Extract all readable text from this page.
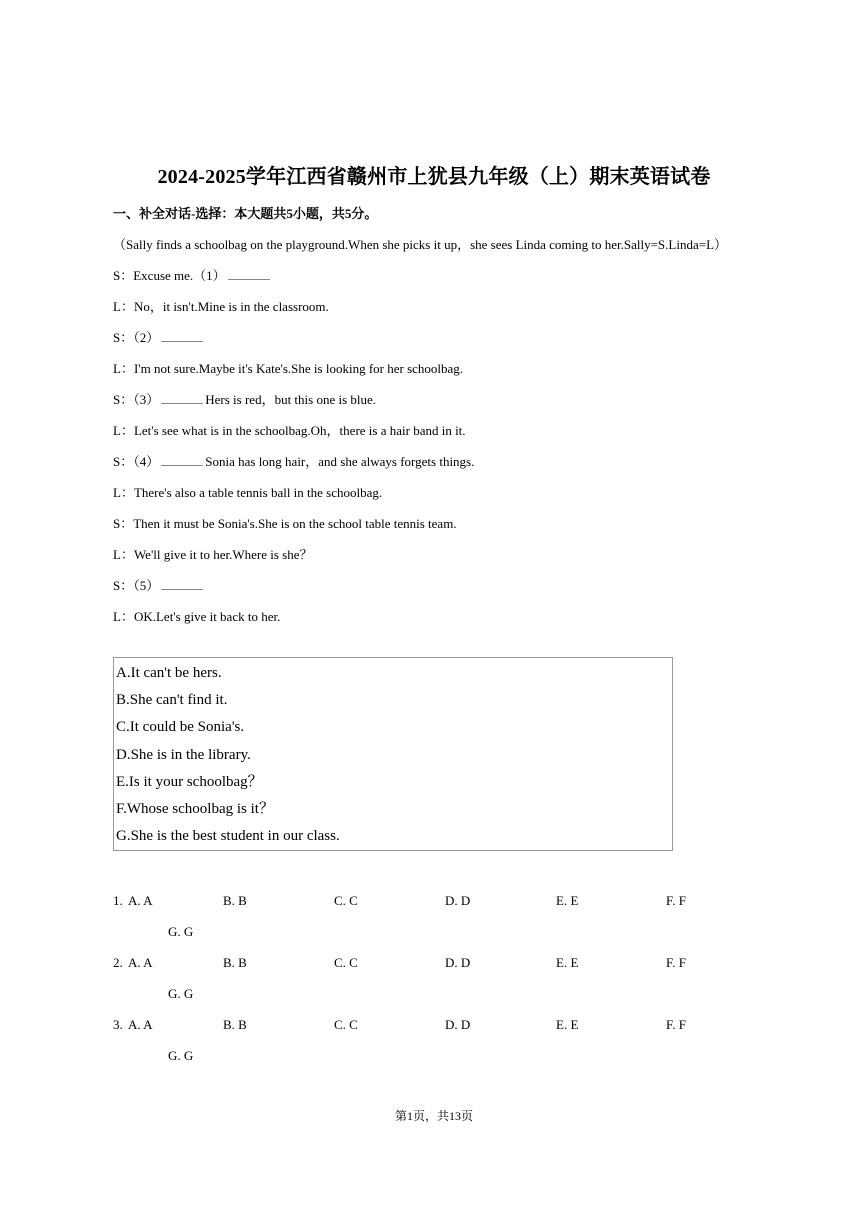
2024-2025学年江西省赣州市上犹县九年级（上）期末英语试卷
一、补全对话-选择：本大题共5小题，共5分。
（Sally finds a schoolbag on the playground.When she picks it up，she sees Linda coming to her.Sally=S.Linda=L）
S：Excuse me.（1）
L：No，it isn't.Mine is in the classroom.
S：（2）
L：I'm not sure.Maybe it's Kate's.She is looking for her schoolbag.
S：（3）	Hers is red，but this one is blue.
L：Let's see what is in the schoolbag.Oh，there is a hair band in it.
S：（4）	Sonia has long hair，and she always forgets things.
L：There's also a table tennis ball in the schoolbag.
S：Then it must be Sonia's.She is on the school table tennis team.
L：We'll give it to her.Where is she？
S：（5）
L：OK.Let's give it back to her.
A.It can't be hers.
B.She can't find it.
C.It could be Sonia's.
D.She is in the library.
E.Is it your schoolbag？
F.Whose schoolbag is it？
G.She is the best student in our class.
1. A. A	B. B	C. C	D. D	E. E	F. F
G. G
2. A. A	B. B	C. C	D. D	E. E	F. F
G. G
3. A. A	B. B	C. C	D. D	E. E	F. F
G. G
第1页，共13页
